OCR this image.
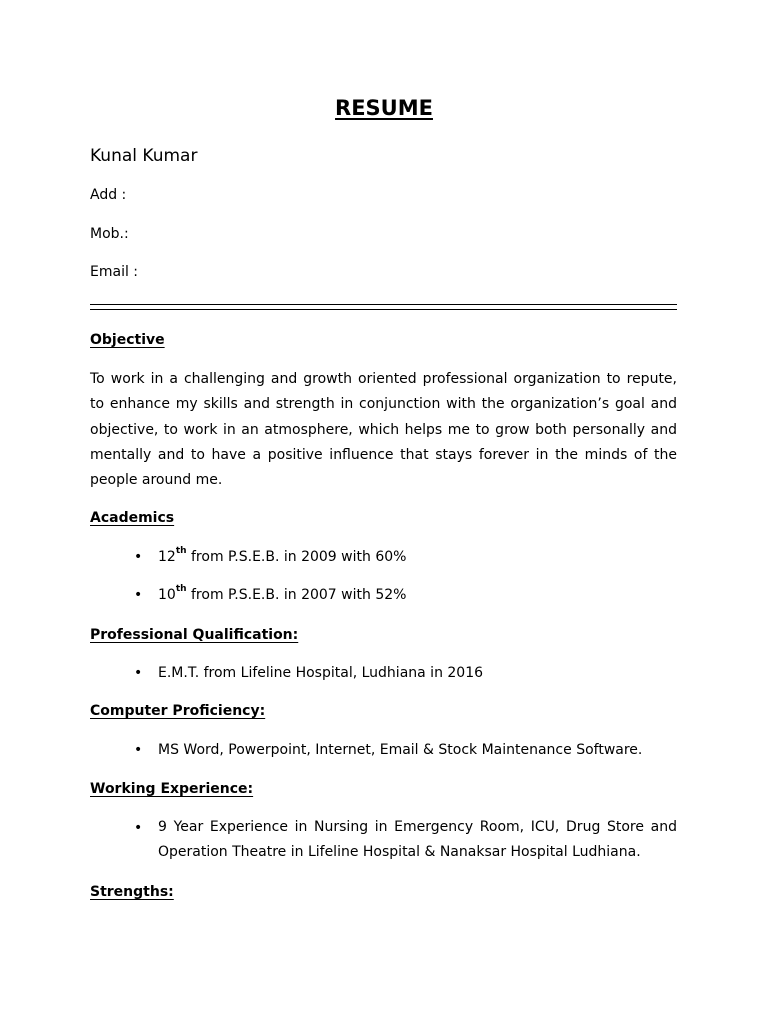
RESUME
Kunal Kumar
Add :
Mob.:
Email :
Objective
To work in a challenging and growth oriented professional organization to repute,
to enhance my skills and strength in conjunction with the organization’s goal and
objective, to work in an atmosphere, which helps me to grow both personally and
mentally and to have a positive influence that stays forever in the minds of the
people around me.
Academics
• 12th from P.S.E.B. in 2009 with 60%
• 10th from P.S.E.B. in 2007 with 52%
Professional Qualification:
• E.M.T. from Lifeline Hospital, Ludhiana in 2016
Computer Proficiency:
• MS Word, Powerpoint, Internet, Email & Stock Maintenance Software.
Working Experience:
• 9 Year Experience in Nursing in Emergency Room, ICU, Drug Store and
Operation Theatre in Lifeline Hospital & Nanaksar Hospital Ludhiana.
Strengths:
